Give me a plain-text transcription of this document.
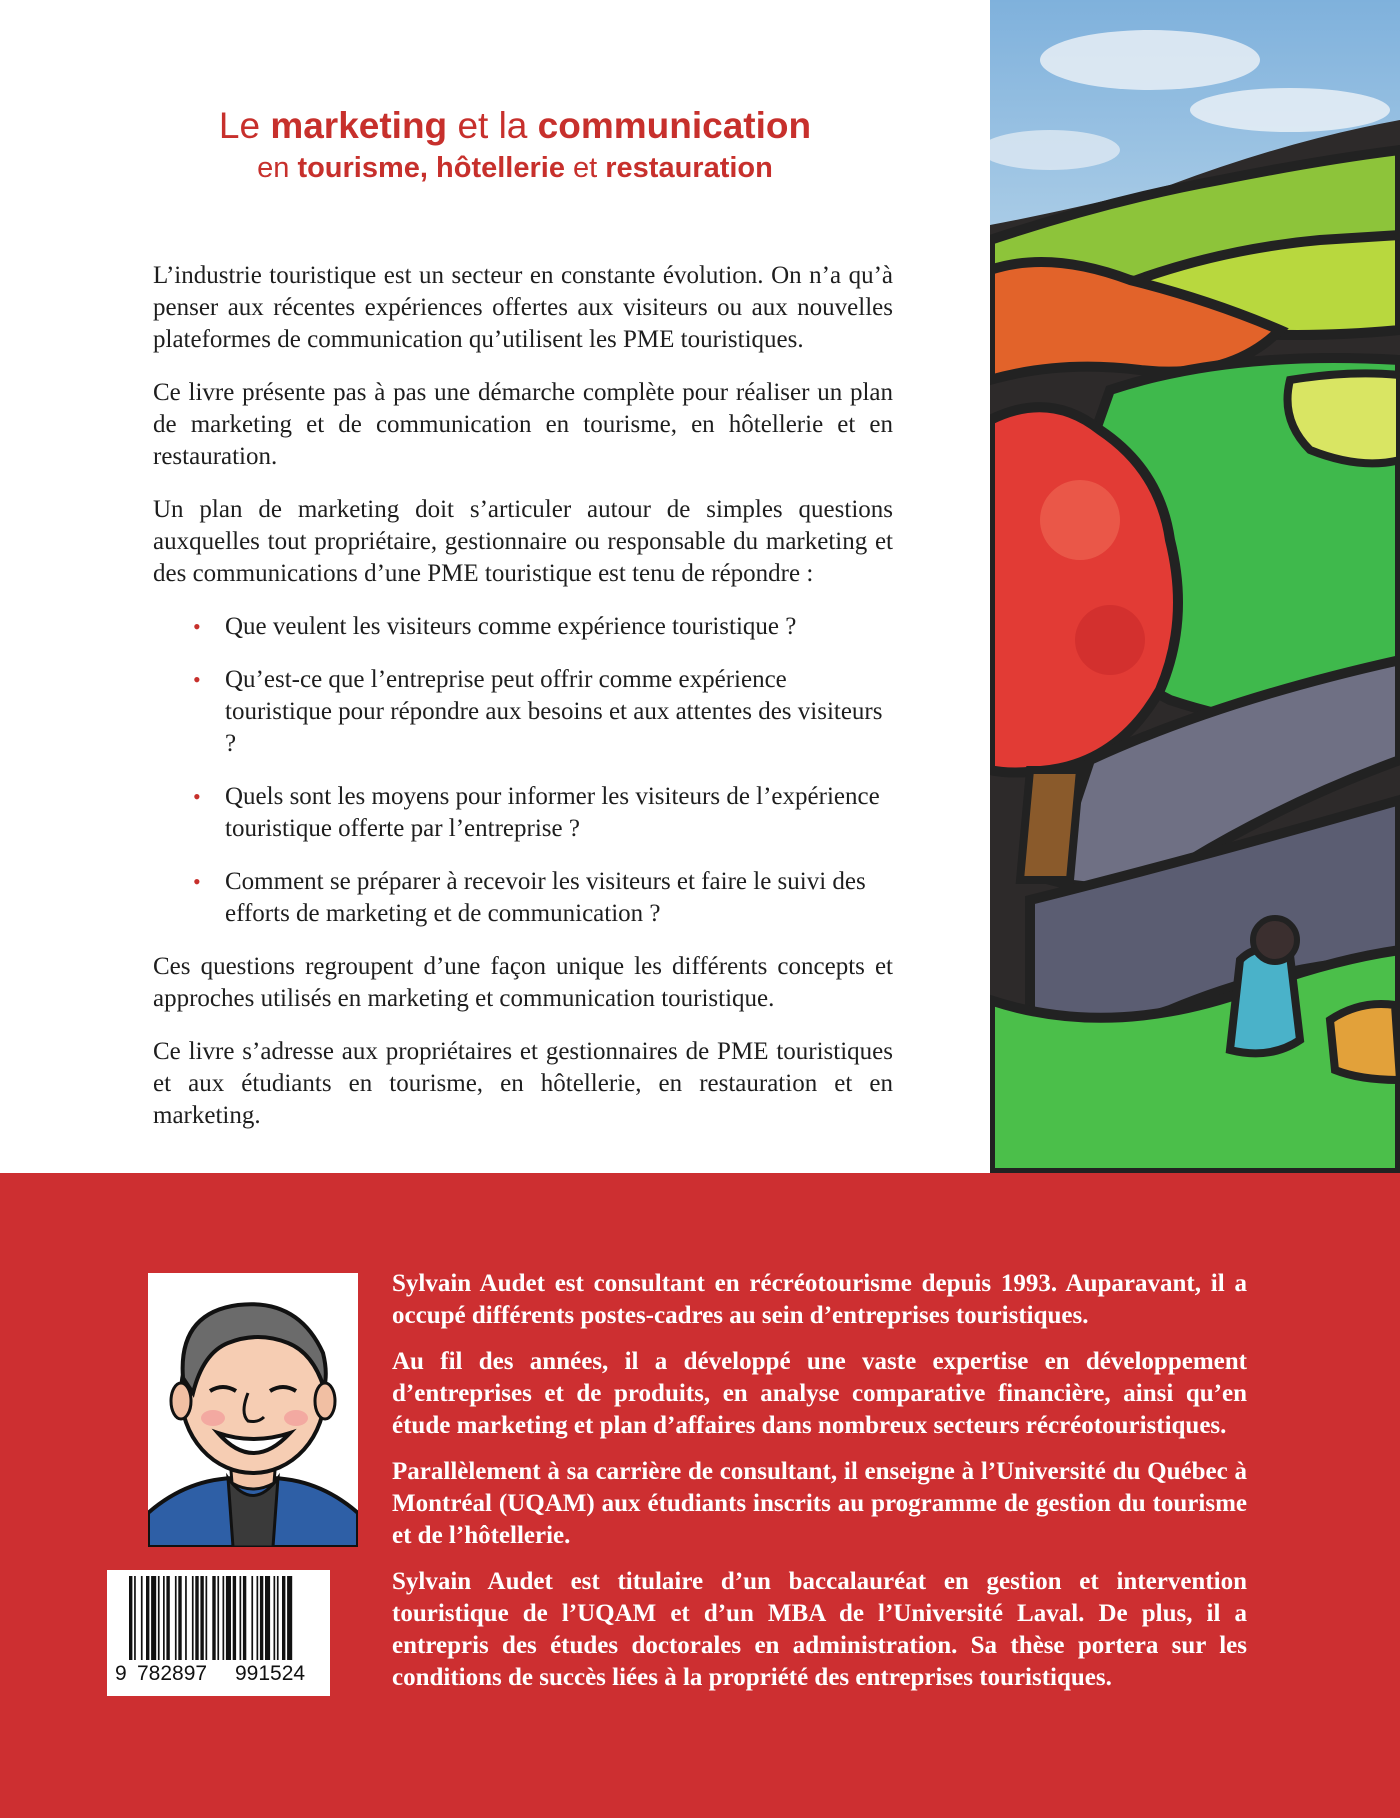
Le marketing et la communication
en tourisme, hôtellerie et restauration

L’industrie touristique est un secteur en constante évolution. On n’a qu’à penser aux récentes expériences offertes aux visiteurs ou aux nouvelles plateformes de communication qu’utilisent les PME touristiques.

Ce livre présente pas à pas une démarche complète pour réaliser un plan de marketing et de communication en tourisme, en hôtellerie et en restauration.

Un plan de marketing doit s’articuler autour de simples questions auxquelles tout propriétaire, gestionnaire ou responsable du marketing et des communications d’une PME touristique est tenu de répondre :

• Que veulent les visiteurs comme expérience touristique ?
• Qu’est-ce que l’entreprise peut offrir comme expérience touristique pour répondre aux besoins et aux attentes des visiteurs ?
• Quels sont les moyens pour informer les visiteurs de l’expérience touristique offerte par l’entreprise ?
• Comment se préparer à recevoir les visiteurs et faire le suivi des efforts de marketing et de communication ?

Ces questions regroupent d’une façon unique les différents concepts et approches utilisés en marketing et communication touristique.

Ce livre s’adresse aux propriétaires et gestionnaires de PME touristiques et aux étudiants en tourisme, en hôtellerie, en restauration et en marketing.

9 782897 991524

Sylvain Audet est consultant en récréotourisme depuis 1993. Auparavant, il a occupé différents postes-cadres au sein d’entreprises touristiques.

Au fil des années, il a développé une vaste expertise en développement d’entreprises et de produits, en analyse comparative financière, ainsi qu’en étude marketing et plan d’affaires dans nombreux secteurs récréotouristiques.

Parallèlement à sa carrière de consultant, il enseigne à l’Université du Québec à Montréal (UQAM) aux étudiants inscrits au programme de gestion du tourisme et de l’hôtellerie.

Sylvain Audet est titulaire d’un baccalauréat en gestion et intervention touristique de l’UQAM et d’un MBA de l’Université Laval. De plus, il a entrepris des études doctorales en administration. Sa thèse portera sur les conditions de succès liées à la propriété des entreprises touristiques.
